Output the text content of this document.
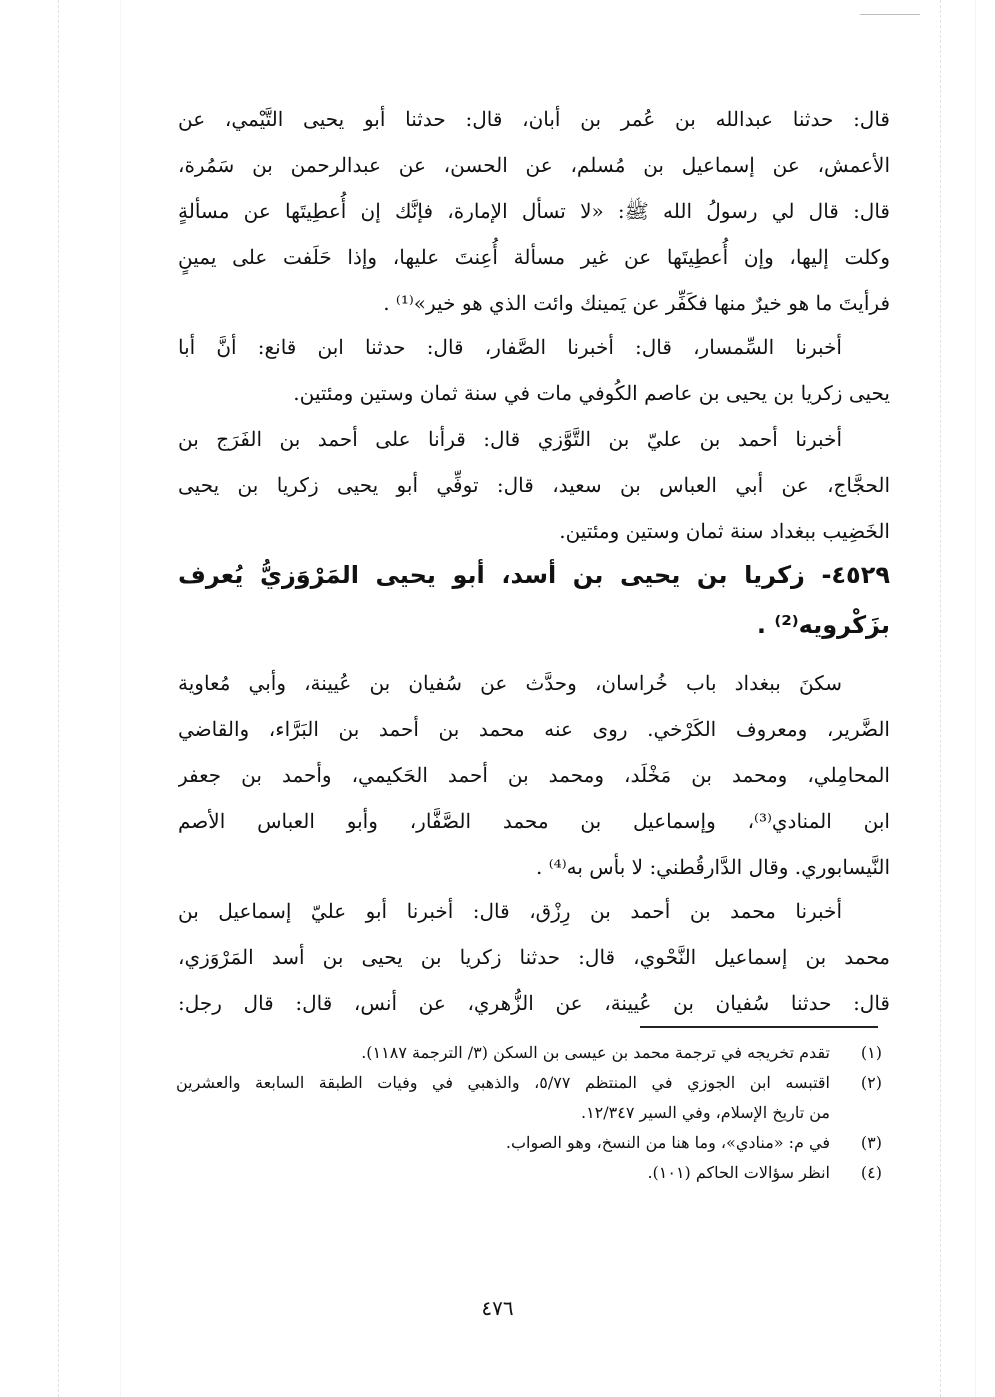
قال: حدثنا عبدالله بن عُمر بن أبان، قال: حدثنا أبو يحيى التَّيْمي، عن
الأعمش، عن إسماعيل بن مُسلم، عن الحسن، عن عبدالرحمن بن سَمُرة،
قال: قال لي رسولُ الله ﷺ: «لا تسأل الإمارة، فإنَّك إن أُعطِيتَها عن مسألةٍ
وكلت إليها، وإن أُعطِيتَها عن غير مسألة أُعِنتَ عليها، وإذا حَلَفت على يمينٍ
فرأيتَ ما هو خيرٌ منها فكَفِّر عن يَمينك وائت الذي هو خير»⁽¹⁾ .
أخبرنا السِّمسار، قال: أخبرنا الصَّفار، قال: حدثنا ابن قانع: أنَّ أبا
يحيى زكريا بن يحيى بن عاصم الكُوفي مات في سنة ثمان وستين ومئتين.
أخبرنا أحمد بن عليّ بن التَّوَّزي قال: قرأنا على أحمد بن الفَرَج بن
الحجَّاج، عن أبي العباس بن سعيد، قال: توفِّي أبو يحيى زكريا بن يحيى
الخَضِيب ببغداد سنة ثمان وستين ومئتين.
٤٥٢٩- زكريا بن يحيى بن أسد، أبو يحيى المَرْوَزيُّ يُعرف
بزَكْرويه⁽²⁾ .
سكنَ ببغداد باب خُراسان، وحدَّث عن سُفيان بن عُيينة، وأبي مُعاوية
الضَّرير، ومعروف الكَرْخي. روى عنه محمد بن أحمد بن البَرَّاء، والقاضي
المحامِلي، ومحمد بن مَخْلَد، ومحمد بن أحمد الحَكيمي، وأحمد بن جعفر
ابن المنادي⁽³⁾، وإسماعيل بن محمد الصَّفَّار، وأبو العباس الأصم
النَّيسابوري. وقال الدَّارقُطني: لا بأس به⁽⁴⁾ .
أخبرنا محمد بن أحمد بن رِزْق، قال: أخبرنا أبو عليّ إسماعيل بن
محمد بن إسماعيل النَّحْوي، قال: حدثنا زكريا بن يحيى بن أسد المَرْوَزي،
قال: حدثنا سُفيان بن عُيينة، عن الزُّهري، عن أنس، قال: قال رجل:
(١)
تقدم تخريجه في ترجمة محمد بن عيسى بن السكن (٣/ الترجمة ١١٨٧).
(٢)
اقتبسه ابن الجوزي في المنتظم ٥/٧٧، والذهبي في وفيات الطبقة السابعة والعشرين
من تاريخ الإسلام، وفي السير ١٢/٣٤٧.
(٣)
في م: «منادي»، وما هنا من النسخ، وهو الصواب.
(٤)
انظر سؤالات الحاكم (١٠١).
٤٧٦
